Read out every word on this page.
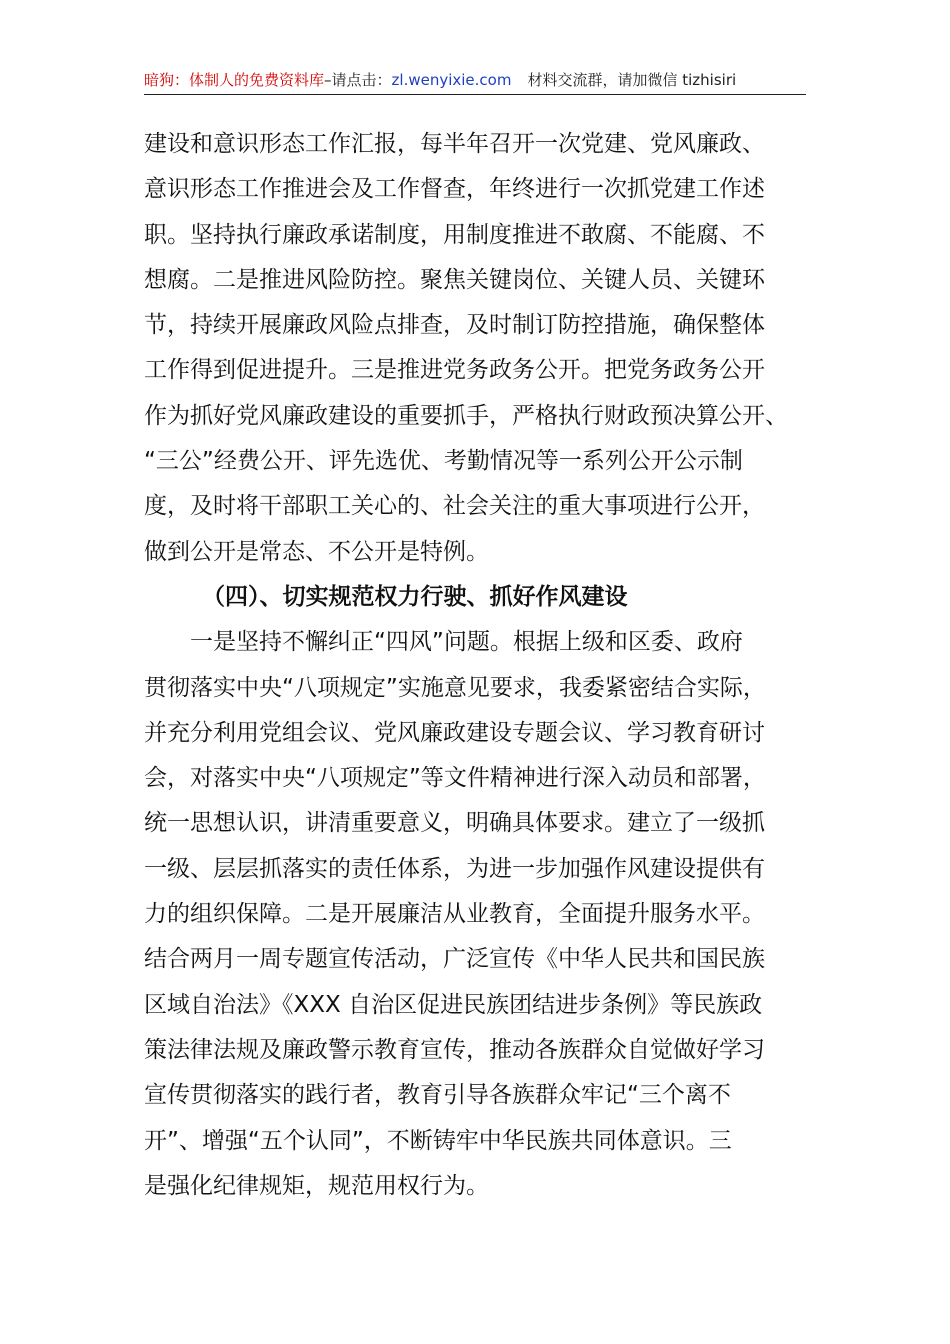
暗狗：体制人的免费资料库–请点击：zl.wenyixie.com 材料交流群，请加微信 tizhisiri
建设和意识形态工作汇报，每半年召开一次党建、党风廉政、
意识形态工作推进会及工作督查，年终进行一次抓党建工作述
职。坚持执行廉政承诺制度，用制度推进不敢腐、不能腐、不
想腐。二是推进风险防控。聚焦关键岗位、关键人员、关键环
节，持续开展廉政风险点排查，及时制订防控措施，确保整体
工作得到促进提升。三是推进党务政务公开。把党务政务公开
作为抓好党风廉政建设的重要抓手，严格执行财政预决算公开、
“三公”经费公开、评先选优、考勤情况等一系列公开公示制
度，及时将干部职工关心的、社会关注的重大事项进行公开，
做到公开是常态、不公开是特例。
（四）、切实规范权力行驶、抓好作风建设
一是坚持不懈纠正“四风”问题。根据上级和区委、政府
贯彻落实中央“八项规定”实施意见要求，我委紧密结合实际，
并充分利用党组会议、党风廉政建设专题会议、学习教育研讨
会，对落实中央“八项规定”等文件精神进行深入动员和部署，
统一思想认识，讲清重要意义，明确具体要求。建立了一级抓
一级、层层抓落实的责任体系，为进一步加强作风建设提供有
力的组织保障。二是开展廉洁从业教育，全面提升服务水平。
结合两月一周专题宣传活动，广泛宣传《中华人民共和国民族
区域自治法》《XXX 自治区促进民族团结进步条例》等民族政
策法律法规及廉政警示教育宣传，推动各族群众自觉做好学习
宣传贯彻落实的践行者，教育引导各族群众牢记“三个离不
开”、增强“五个认同”，不断铸牢中华民族共同体意识。三
是强化纪律规矩，规范用权行为。
